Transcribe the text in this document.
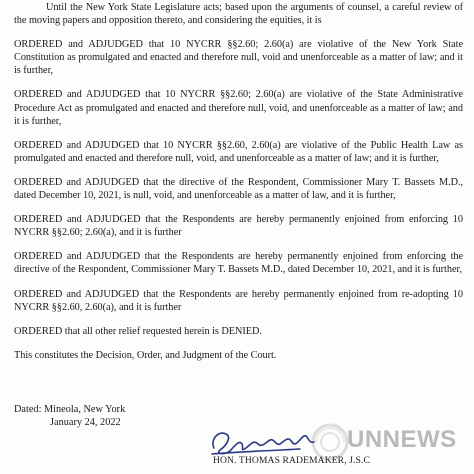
Until the New York State Legislature acts; based upon the arguments of counsel, a careful review of the moving papers and opposition thereto, and considering the equities, it is

ORDERED and ADJUDGED that 10 NYCRR §§2.60; 2.60(a) are violative of the New York State Constitution as promulgated and enacted and therefore null, void and unenforceable as a matter of law; and it is further,

ORDERED and ADJUDGED that 10 NYCRR §§2.60; 2.60(a) are violative of the State Administrative Procedure Act as promulgated and enacted and therefore null, void, and unenforceable as a matter of law; and it is further,

ORDERED and ADJUDGED that 10 NYCRR §§2.60, 2.60(a) are violative of the Public Health Law as promulgated and enacted and therefore null, void, and unenforceable as a matter of law; and it is further,

ORDERED and ADJUDGED that the directive of the Respondent, Commissioner Mary T. Bassets M.D., dated December 10, 2021, is null, void, and unenforceable as a matter of law, and it is further,

ORDERED and ADJUDGED that the Respondents are hereby permanently enjoined from enforcing 10 NYCRR §§2.60; 2.60(a), and it is further

ORDERED and ADJUDGED that the Respondents are hereby permanently enjoined from enforcing the directive of the Respondent, Commissioner Mary T. Bassets M.D., dated December 10, 2021, and it is further,

ORDERED and ADJUDGED that the Respondents are hereby permanently enjoined from re-adopting 10 NYCRR §§2.60, 2.60(a), and it is further

ORDERED that all other relief requested herein is DENIED.

This constitutes the Decision, Order, and Judgment of the Court.

Dated: Mineola, New York
January 24, 2022
UNNEWS
HON. THOMAS RADEMAKER, J.S.C
